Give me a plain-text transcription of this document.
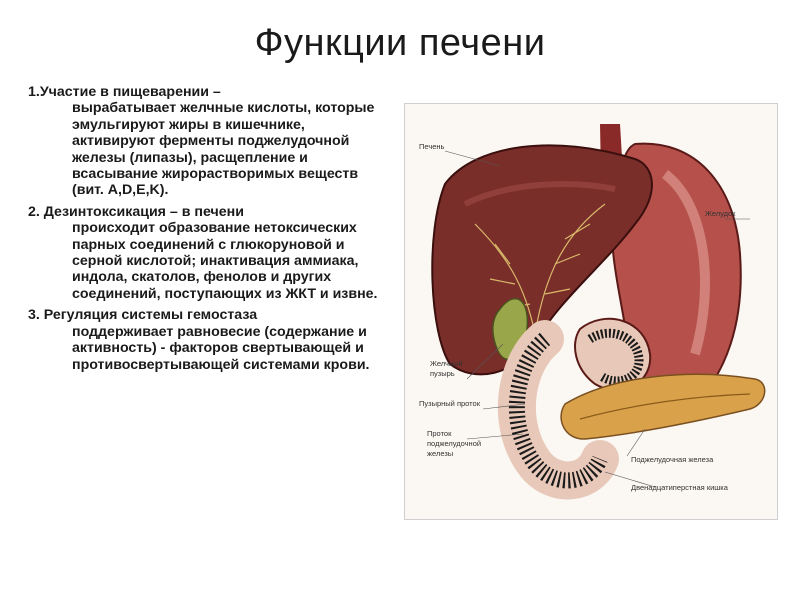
Функции печени
1.Участие в пищеварении –
вырабатывает желчные кислоты, которые эмульгируют жиры в кишечнике, активируют ферменты поджелудочной железы (липазы), расщепление и всасывание жирорастворимых веществ (вит. A,D,E,K).
2. Дезинтоксикация – в печени
происходит образование нетоксических парных соединений с глюкоруновой и серной кислотой; инактивация аммиака, индола, скатолов, фенолов и других соединений, поступающих из ЖКТ и извне.
3. Регуляция системы гемостаза
поддерживает равновесие (содержание и активность) - факторов свертывающей и противосвертывающей системами крови.
Печень
Желудок
Желчный
пузырь
Пузырный проток
Проток
поджелудочной
железы
Поджелудочная железа
Двенадцатиперстная кишка
